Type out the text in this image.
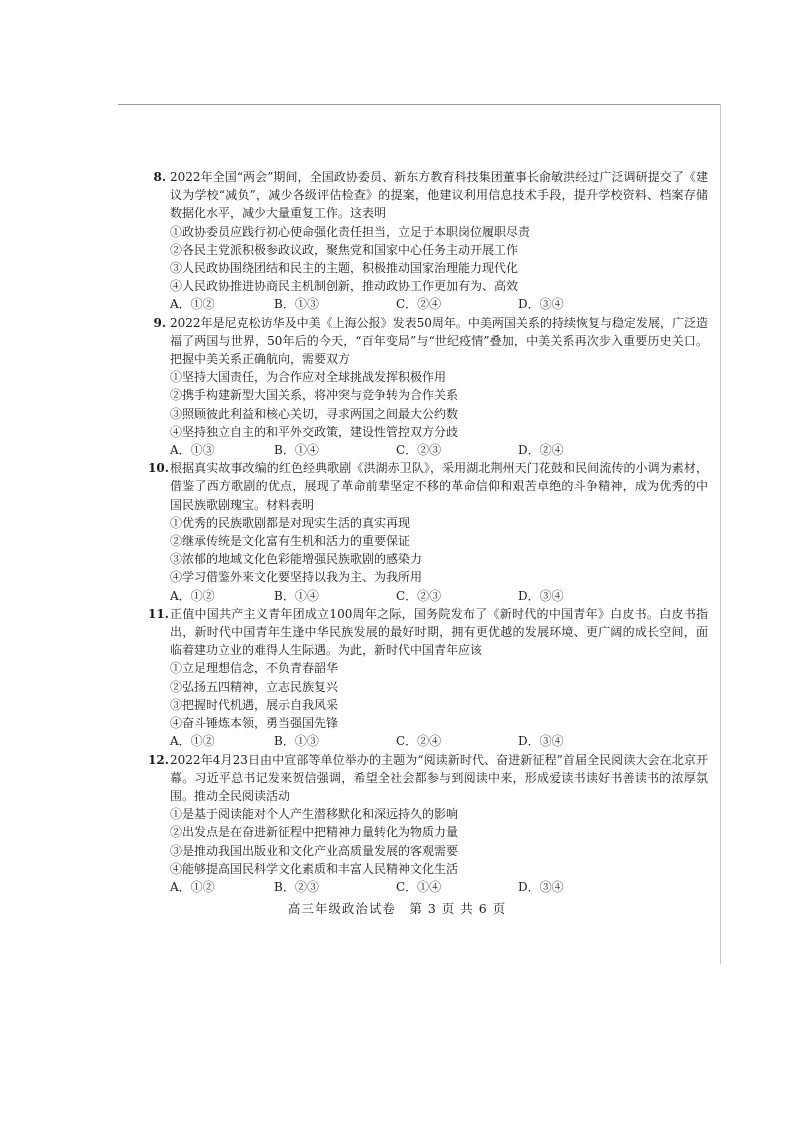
8. 2022年全国“两会”期间，全国政协委员、新东方教育科技集团董事长俞敏洪经过广泛调研提交了《建议为学校“减负”，减少各级评估检查》的提案，他建议利用信息技术手段，提升学校资料、档案存储数据化水平，减少大量重复工作。这表明
①政协委员应践行初心使命强化责任担当，立足于本职岗位履职尽责
②各民主党派积极参政议政，聚焦党和国家中心任务主动开展工作
③人民政协围绕团结和民主的主题，积极推动国家治理能力现代化
④人民政协推进协商民主机制创新，推动政协工作更加有为、高效
A．①②	B．①③	C．②④	D．③④
9. 2022年是尼克松访华及中美《上海公报》发表50周年。中美两国关系的持续恢复与稳定发展，广泛造福了两国与世界，50年后的今天，“百年变局”与“世纪疫情”叠加，中美关系再次步入重要历史关口。把握中美关系正确航向，需要双方
①坚持大国责任，为合作应对全球挑战发挥积极作用
②携手构建新型大国关系，将冲突与竞争转为合作关系
③照顾彼此利益和核心关切，寻求两国之间最大公约数
④坚持独立自主的和平外交政策，建设性管控双方分歧
A．①③	B．①④	C．②③	D．②④
10. 根据真实故事改编的红色经典歌剧《洪湖赤卫队》，采用湖北荆州天门花鼓和民间流传的小调为素材，借鉴了西方歌剧的优点，展现了革命前辈坚定不移的革命信仰和艰苦卓绝的斗争精神，成为优秀的中国民族歌剧瑰宝。材料表明
①优秀的民族歌剧都是对现实生活的真实再现
②继承传统是文化富有生机和活力的重要保证
③浓郁的地域文化色彩能增强民族歌剧的感染力
④学习借鉴外来文化要坚持以我为主、为我所用
A．①②	B．①④	C．②③	D．③④
11. 正值中国共产主义青年团成立100周年之际，国务院发布了《新时代的中国青年》白皮书。白皮书指出，新时代中国青年生逢中华民族发展的最好时期，拥有更优越的发展环境、更广阔的成长空间，面临着建功立业的难得人生际遇。为此，新时代中国青年应该
①立足理想信念，不负青春韶华
②弘扬五四精神，立志民族复兴
③把握时代机遇，展示自我风采
④奋斗锤炼本领，勇当强国先锋
A．①②	B．①③	C．②④	D．③④
12. 2022年4月23日由中宣部等单位举办的主题为“阅读新时代、奋进新征程”首届全民阅读大会在北京开幕。习近平总书记发来贺信强调，希望全社会都参与到阅读中来，形成爱读书读好书善读书的浓厚氛围。推动全民阅读活动
①是基于阅读能对个人产生潜移默化和深远持久的影响
②出发点是在奋进新征程中把精神力量转化为物质力量
③是推动我国出版业和文化产业高质量发展的客观需要
④能够提高国民科学文化素质和丰富人民精神文化生活
A．①②	B．②③	C．①④	D．③④
高三年级政治试卷　第 3 页 共 6 页
